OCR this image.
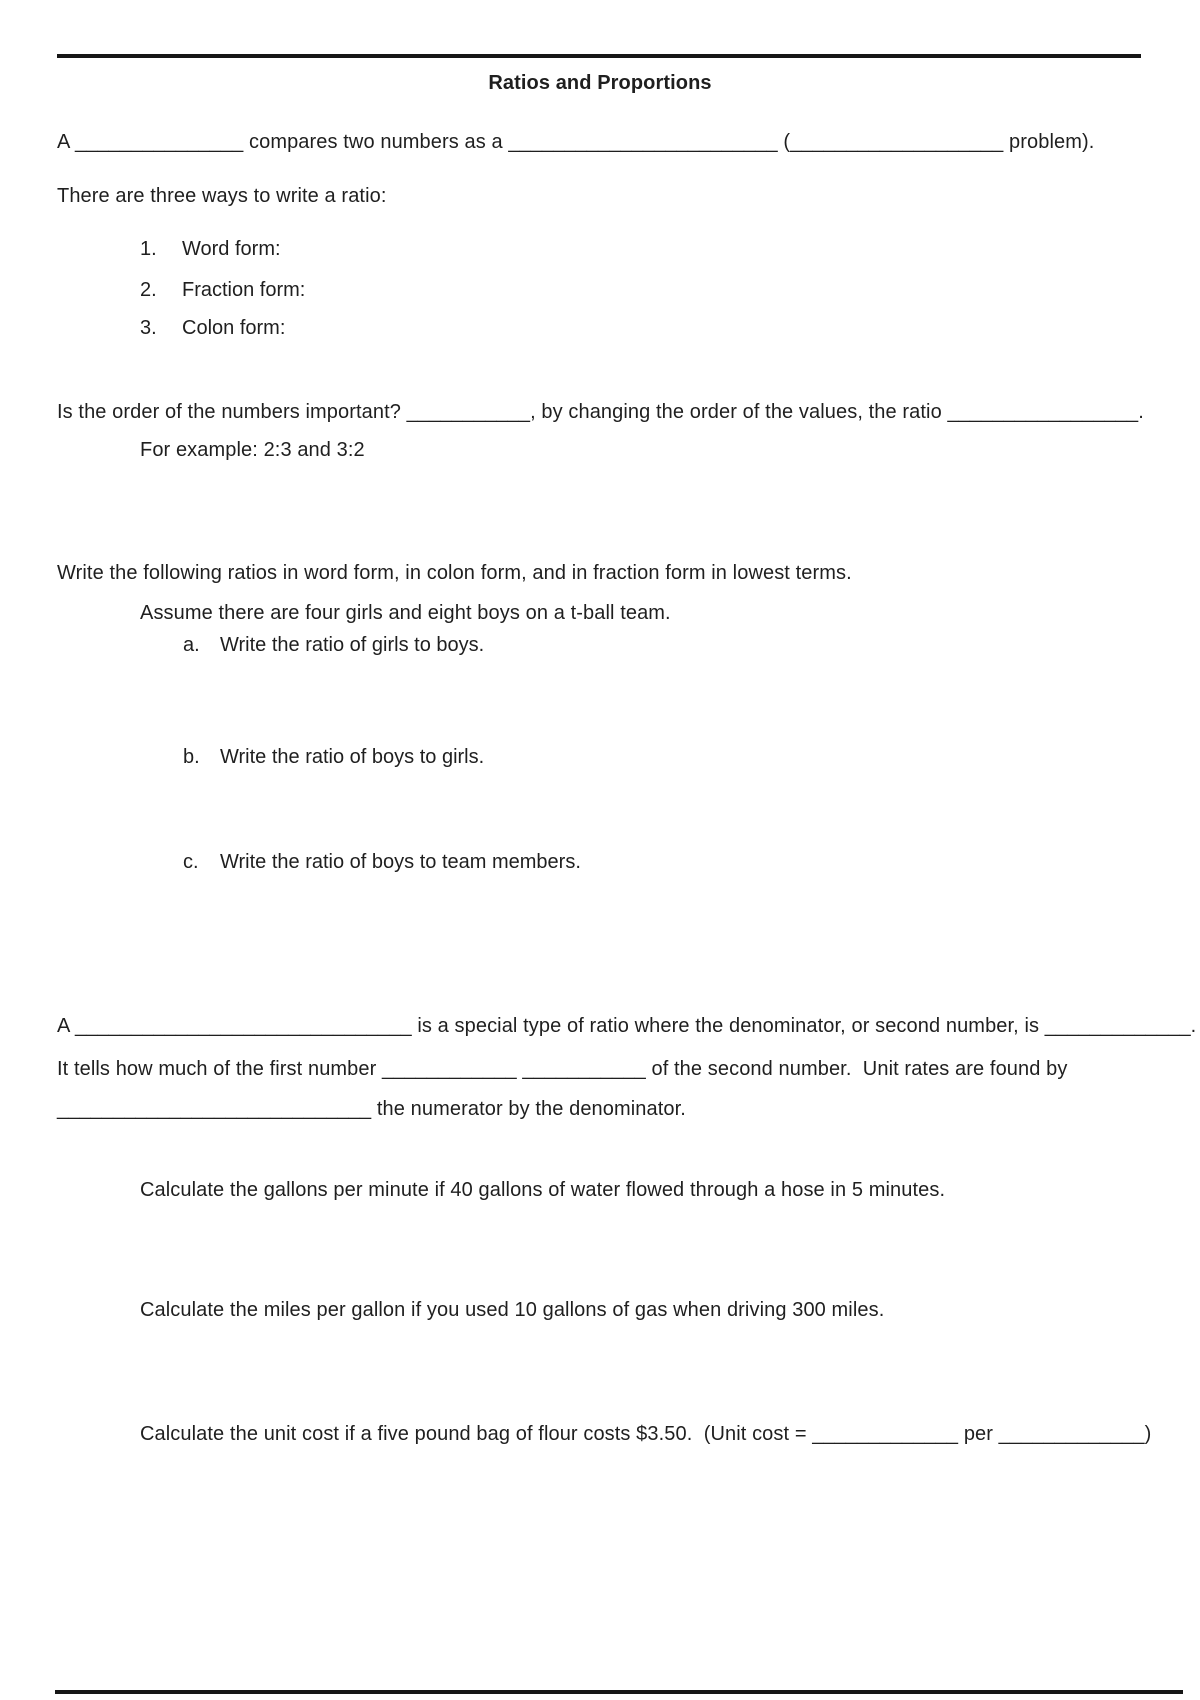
Ratios and Proportions
A _______________ compares two numbers as a ________________________ (___________________ problem).
There are three ways to write a ratio:
1.	Word form:
2.	Fraction form:
3.	Colon form:
Is the order of the numbers important? ___________, by changing the order of the values, the ratio _________________.
For example: 2:3 and 3:2
Write the following ratios in word form, in colon form, and in fraction form in lowest terms.
Assume there are four girls and eight boys on a t-ball team.
a.	Write the ratio of girls to boys.
b.	Write the ratio of boys to girls.
c.	Write the ratio of boys to team members.
A ______________________________ is a special type of ratio where the denominator, or second number, is _____________.
It tells how much of the first number ____________ ___________ of the second number.  Unit rates are found by
____________________________ the numerator by the denominator.
Calculate the gallons per minute if 40 gallons of water flowed through a hose in 5 minutes.
Calculate the miles per gallon if you used 10 gallons of gas when driving 300 miles.
Calculate the unit cost if a five pound bag of flour costs $3.50.  (Unit cost = _____________ per _____________)
